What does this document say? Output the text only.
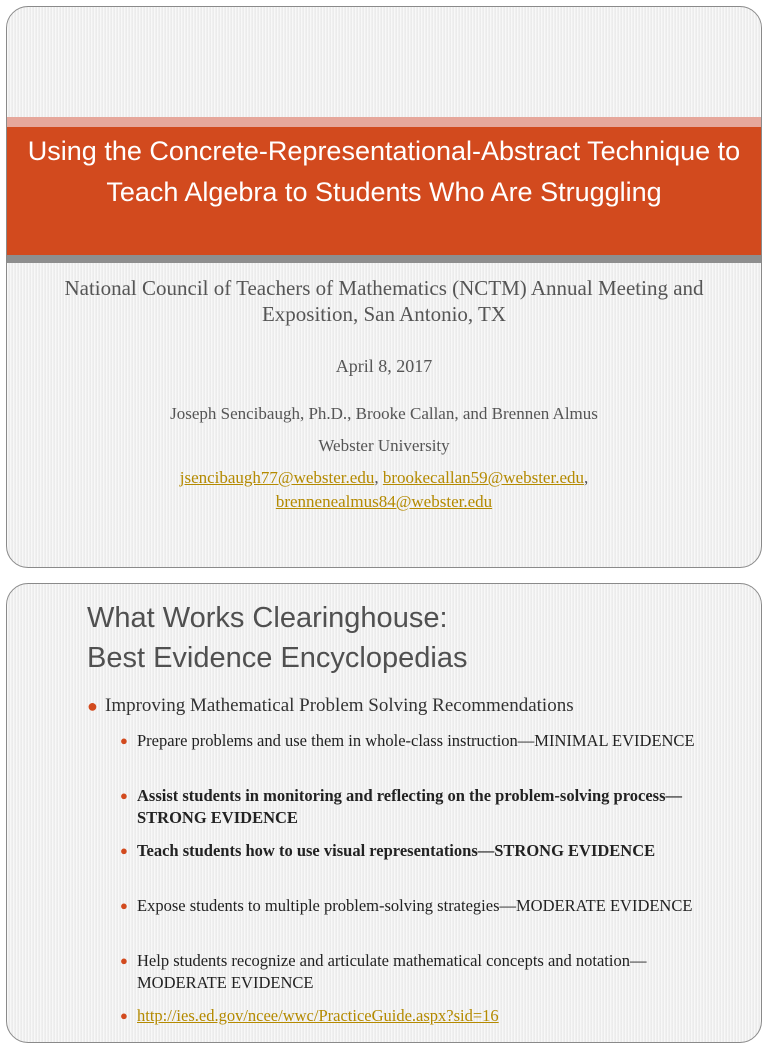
Using the Concrete-Representational-Abstract Technique to Teach Algebra to Students Who Are Struggling

National Council of Teachers of Mathematics (NCTM) Annual Meeting and Exposition, San Antonio, TX

April 8, 2017
Joseph Sencibaugh, Ph.D., Brooke Callan, and Brennen Almus
Webster University
jsencibaugh77@webster.edu, brookecallan59@webster.edu,
brennenealmus84@webster.edu
What Works Clearinghouse:
Best Evidence Encyclopedias
● Improving Mathematical Problem Solving Recommendations
● Prepare problems and use them in whole-class instruction—MINIMAL EVIDENCE
● Assist students in monitoring and reflecting on the problem-solving process—STRONG EVIDENCE
● Teach students how to use visual representations—STRONG EVIDENCE
● Expose students to multiple problem-solving strategies—MODERATE EVIDENCE
● Help students recognize and articulate mathematical concepts and notation—MODERATE EVIDENCE
● http://ies.ed.gov/ncee/wwc/PracticeGuide.aspx?sid=16
